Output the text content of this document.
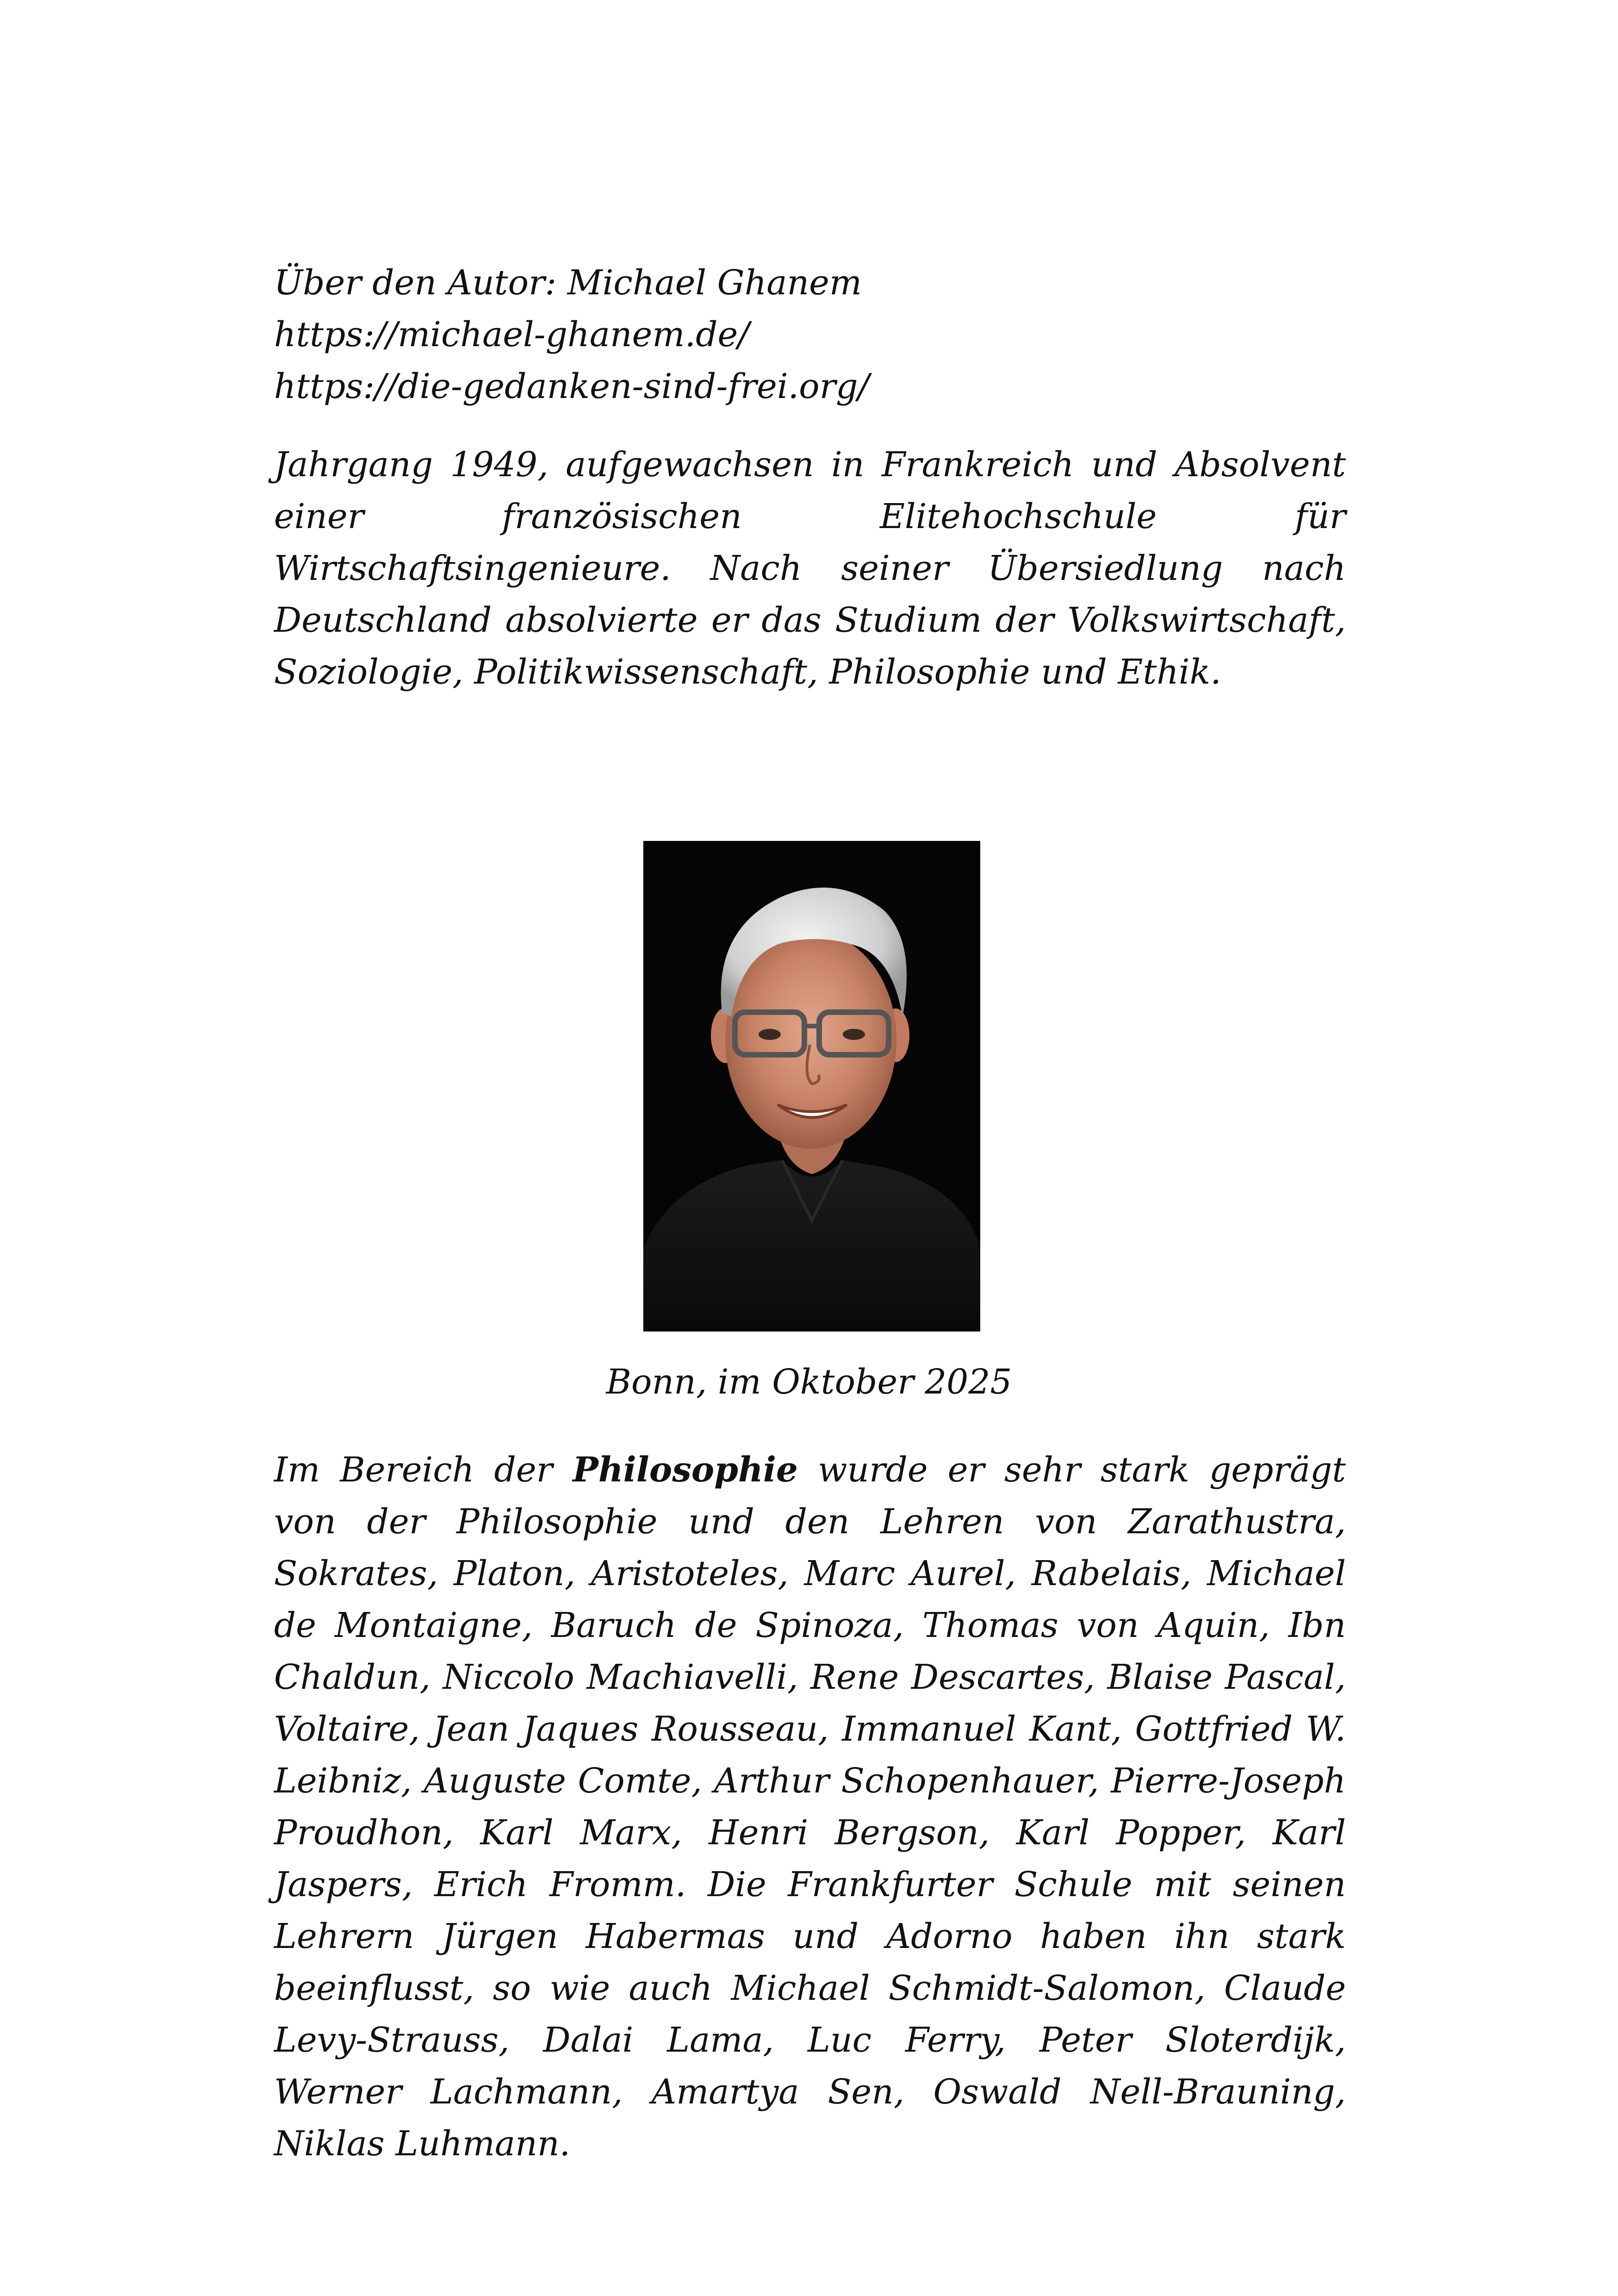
Über den Autor: Michael Ghanem
https://michael-ghanem.de/
https://die-gedanken-sind-frei.org/
Jahrgang 1949, aufgewachsen in Frankreich und Absolvent einer französischen Elitehochschule für Wirtschaftsingenieure. Nach seiner Übersiedlung nach Deutschland absolvierte er das Studium der Volkswirtschaft, Soziologie, Politikwissenschaft, Philosophie und Ethik.
Bonn, im Oktober 2025
Im Bereich der Philosophie wurde er sehr stark geprägt von der Philosophie und den Lehren von Zarathustra, Sokrates, Platon, Aristoteles, Marc Aurel, Rabelais, Michael de Montaigne, Baruch de Spinoza, Thomas von Aquin, Ibn Chaldun, Niccolo Machiavelli, Rene Descartes, Blaise Pascal, Voltaire, Jean Jaques Rousseau, Immanuel Kant, Gottfried W. Leibniz, Auguste Comte, Arthur Schopenhauer, Pierre-Joseph Proudhon, Karl Marx, Henri Bergson, Karl Popper, Karl Jaspers, Erich Fromm. Die Frankfurter Schule mit seinen Lehrern Jürgen Habermas und Adorno haben ihn stark beeinflusst, so wie auch Michael Schmidt-Salomon, Claude Levy-Strauss, Dalai Lama, Luc Ferry, Peter Sloterdijk, Werner Lachmann, Amartya Sen, Oswald Nell-Brauning, Niklas Luhmann.
